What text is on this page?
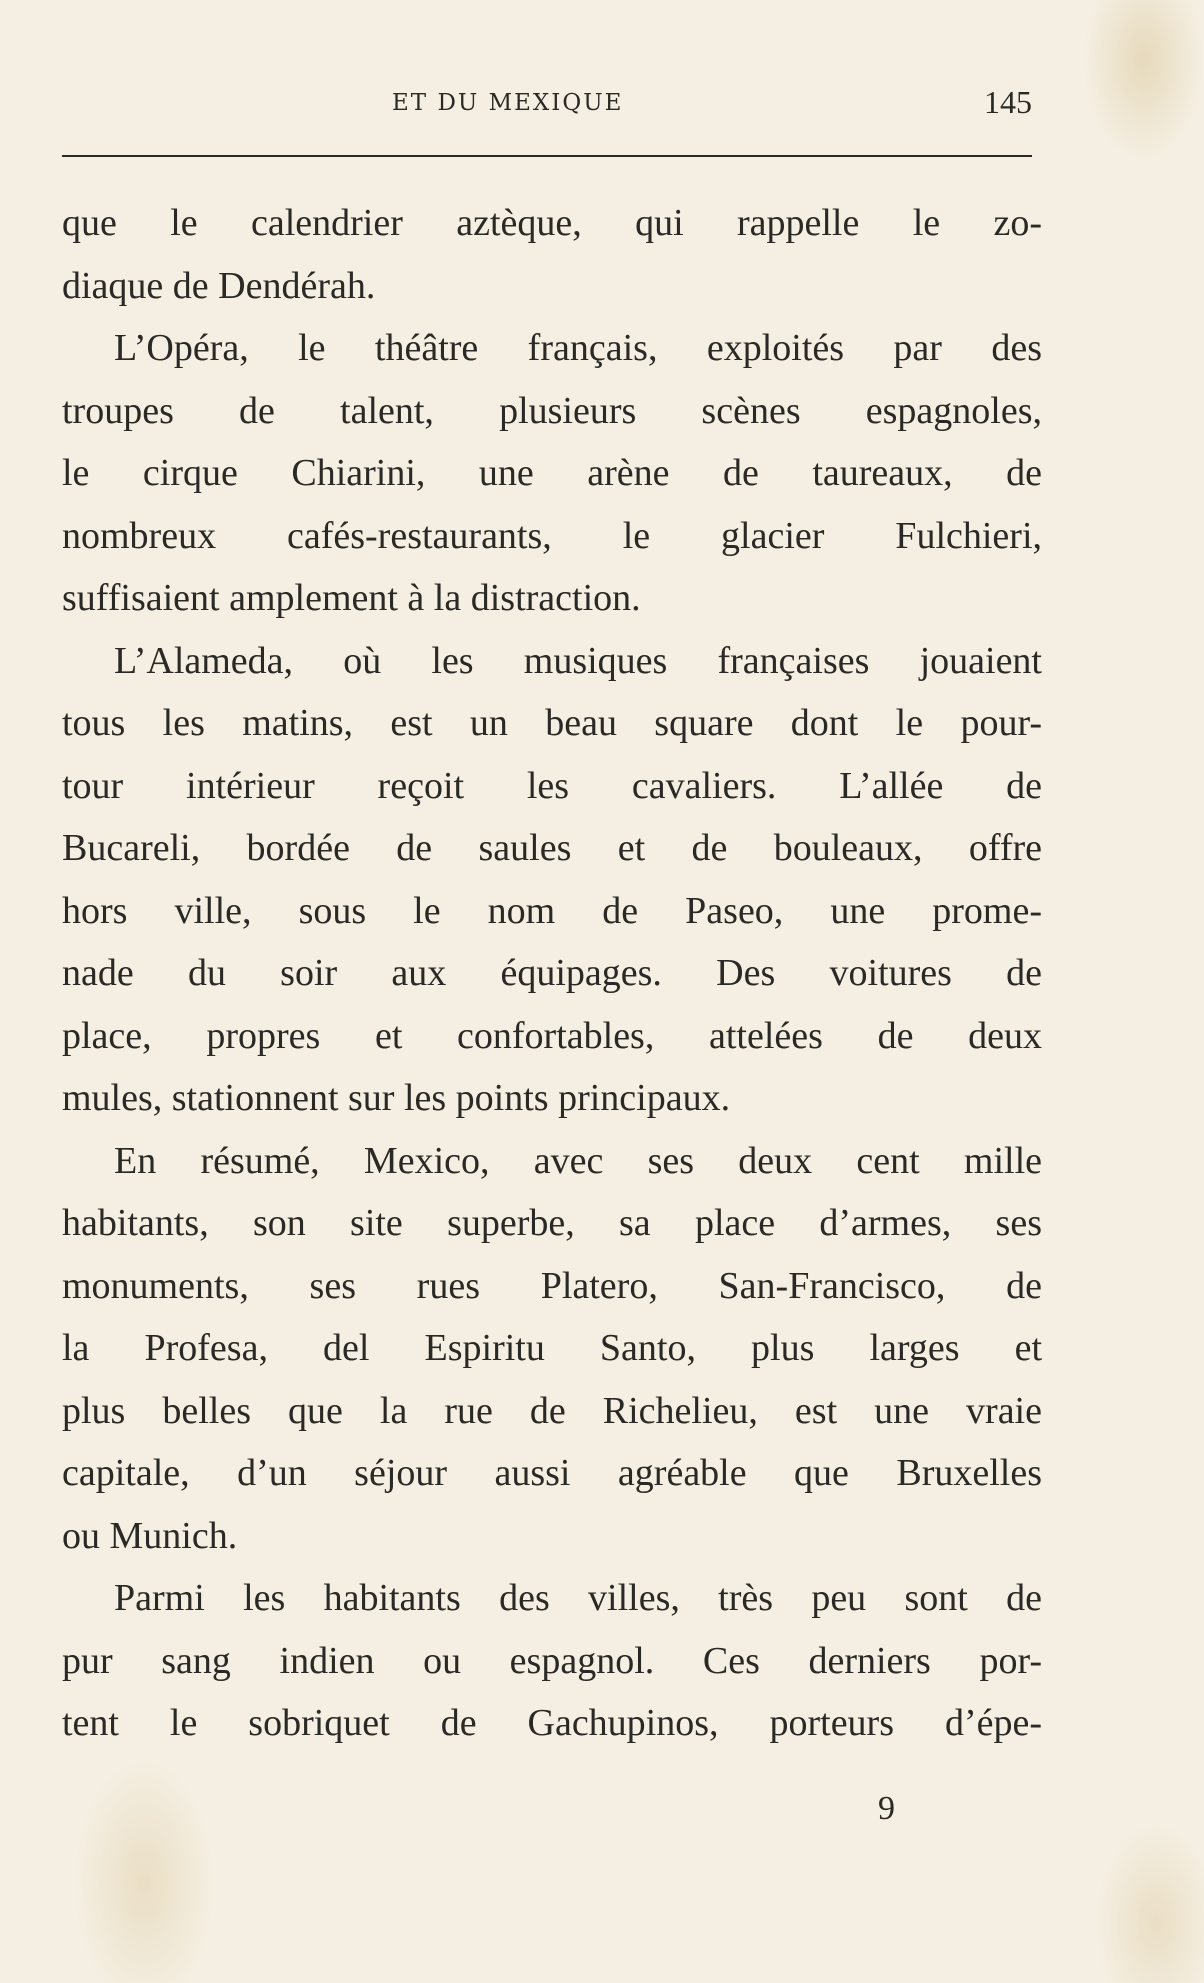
ET DU MEXIQUE	145
que le calendrier aztèque, qui rappelle le zo-
diaque de Dendérah.
L’Opéra, le théâtre français, exploités par des
troupes de talent, plusieurs scènes espagnoles,
le cirque Chiarini, une arène de taureaux, de
nombreux cafés-restaurants, le glacier Fulchieri,
suffisaient amplement à la distraction.
L’Alameda, où les musiques françaises jouaient
tous les matins, est un beau square dont le pour-
tour intérieur reçoit les cavaliers. L’allée de
Bucareli, bordée de saules et de bouleaux, offre
hors ville, sous le nom de Paseo, une prome-
nade du soir aux équipages. Des voitures de
place, propres et confortables, attelées de deux
mules, stationnent sur les points principaux.
En résumé, Mexico, avec ses deux cent mille
habitants, son site superbe, sa place d’armes, ses
monuments, ses rues Platero, San-Francisco, de
la Profesa, del Espiritu Santo, plus larges et
plus belles que la rue de Richelieu, est une vraie
capitale, d’un séjour aussi agréable que Bruxelles
ou Munich.
Parmi les habitants des villes, très peu sont de
pur sang indien ou espagnol. Ces derniers por-
tent le sobriquet de Gachupinos, porteurs d’épe-
9
